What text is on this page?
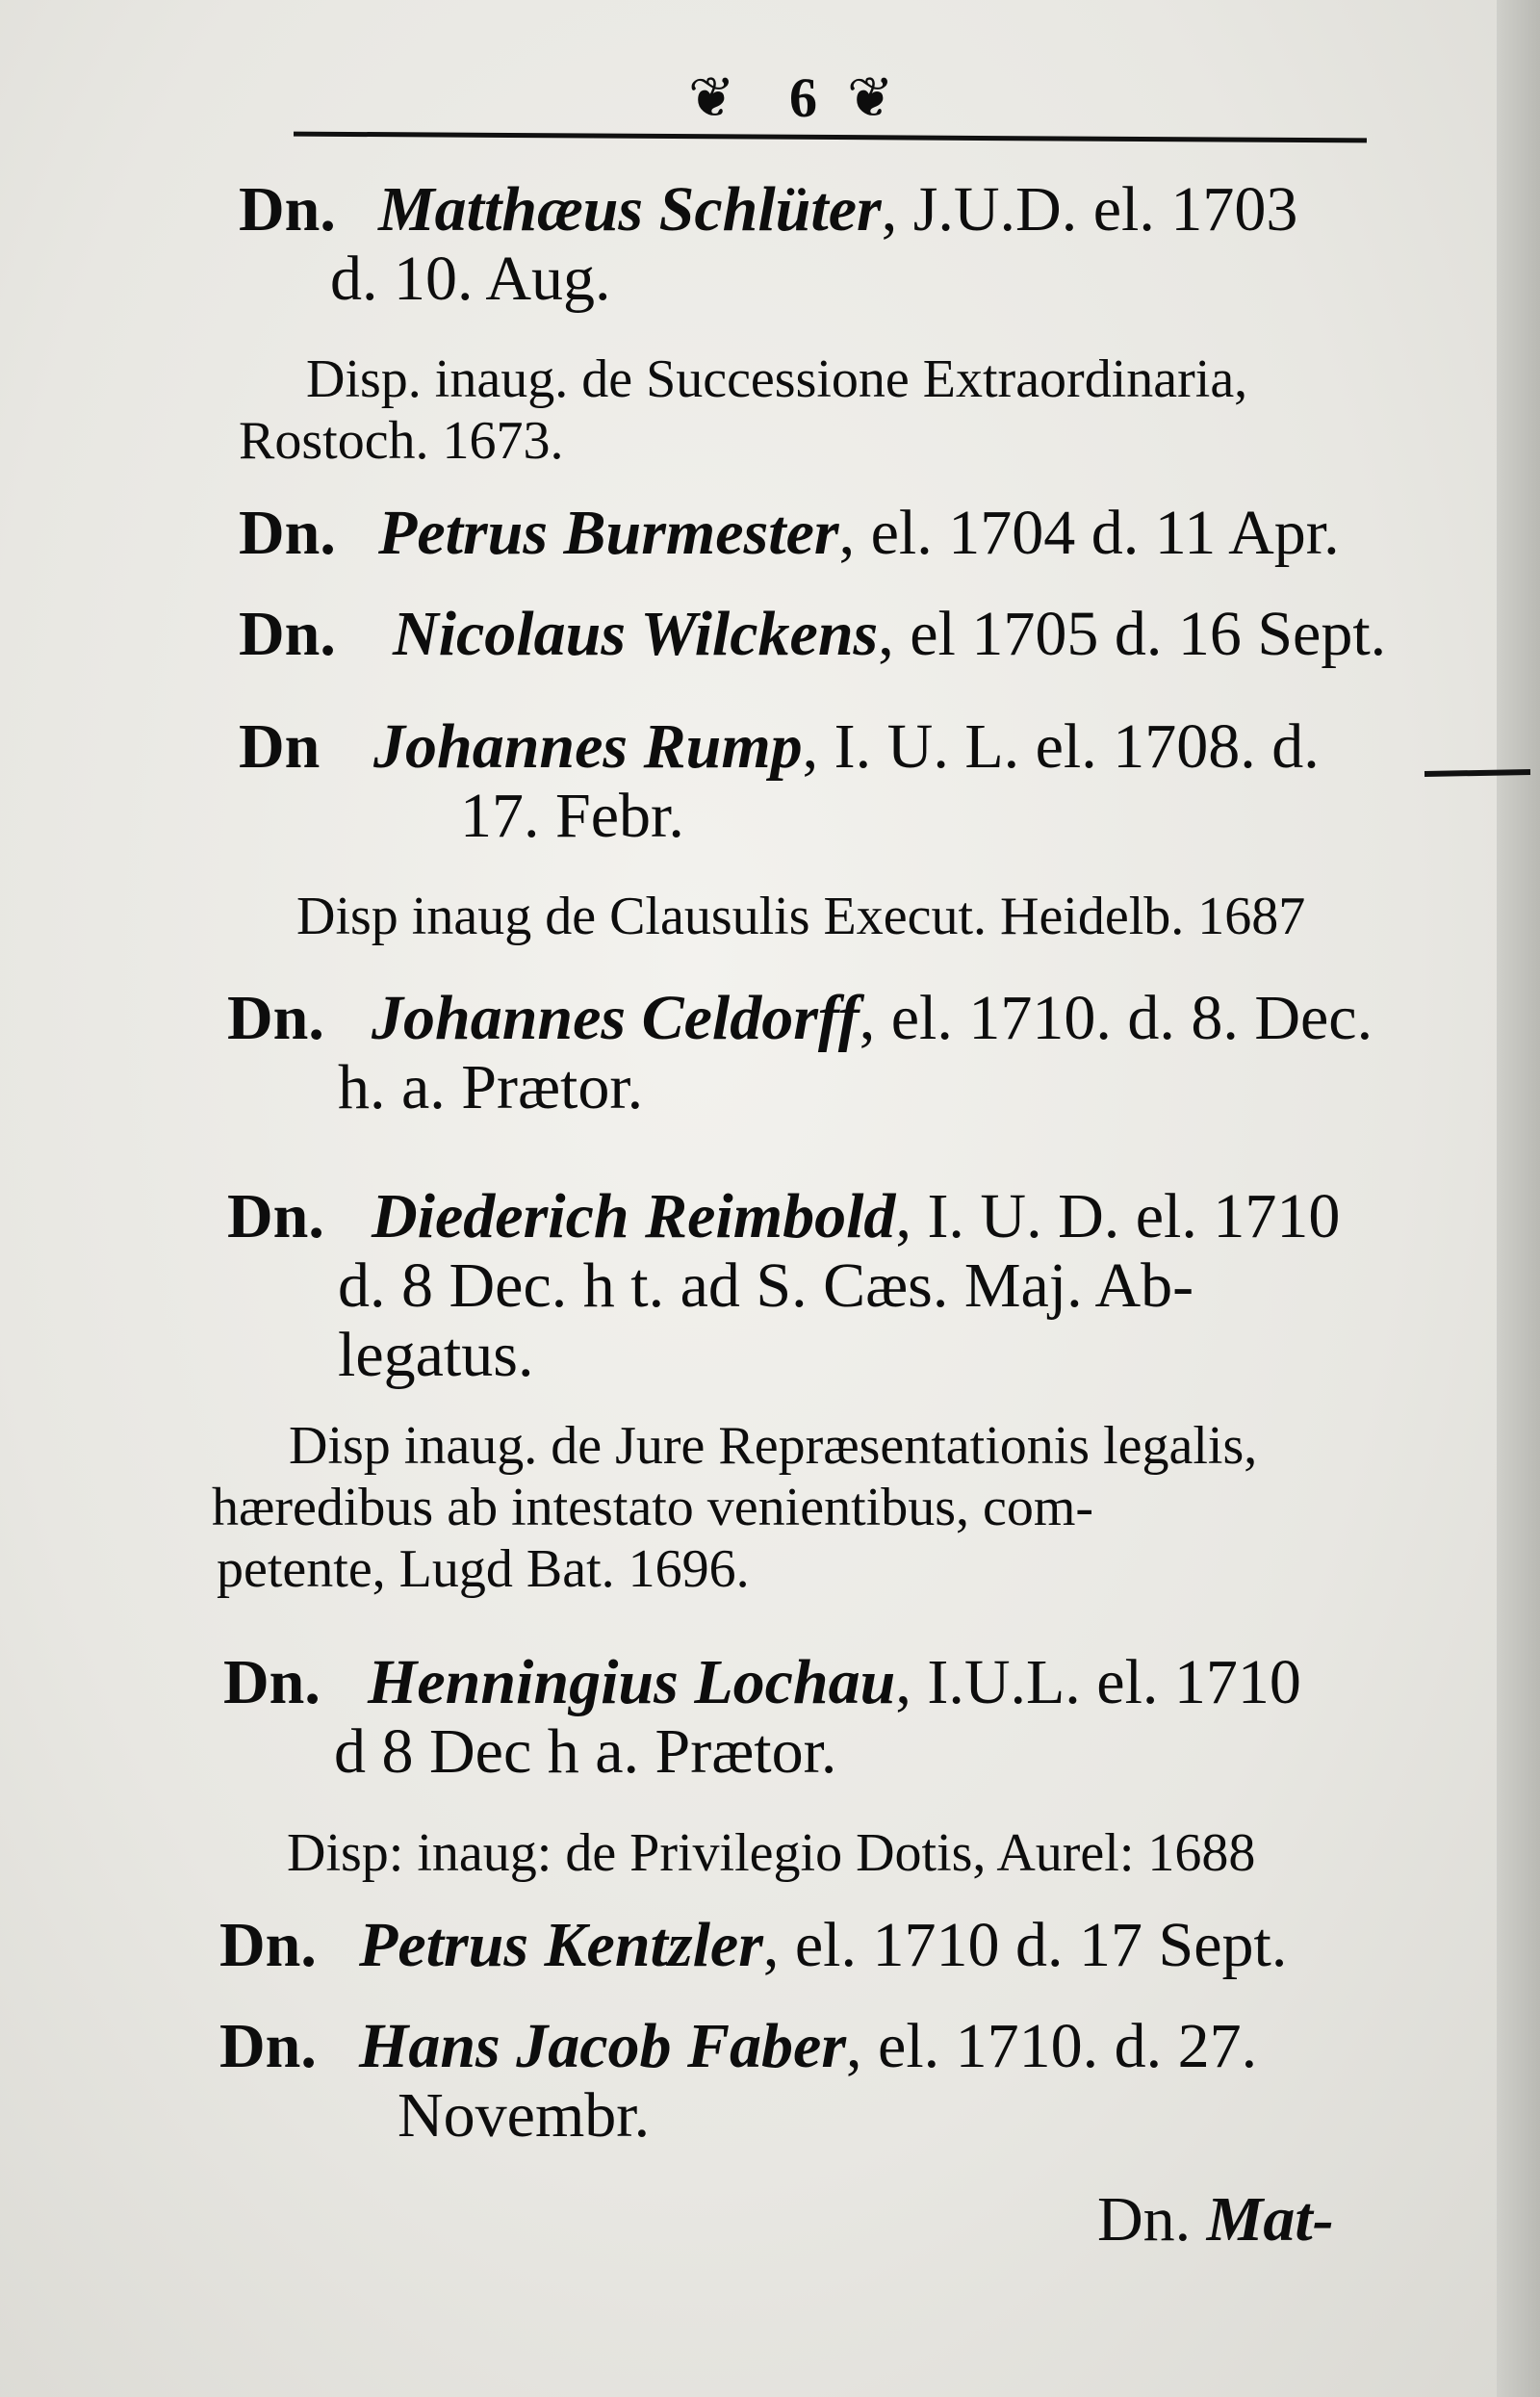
❦ 6 ❦
Dn. Matthæus Schlüter, J.U.D. el. 1703
d. 10. Aug.
Disp. inaug. de Successione Extraordinaria,
Rostoch. 1673.
Dn. Petrus Burmester, el. 1704 d. 11 Apr.
Dn. Nicolaus Wilckens, el 1705 d. 16 Sept.
Dn Johannes Rump, I. U. L. el. 1708. d.
17. Febr.
Disp inaug de Clausulis Execut. Heidelb. 1687
Dn. Johannes Celdorff, el. 1710. d. 8. Dec.
h. a. Prætor.
Dn. Diederich Reimbold, I. U. D. el. 1710
d. 8 Dec. h t. ad S. Cæs. Maj. Ab-
legatus.
Disp inaug. de Jure Repræsentationis legalis,
hæredibus ab intestato venientibus, com-
petente, Lugd Bat. 1696.
Dn. Henningius Lochau, I.U.L. el. 1710
d 8 Dec h a. Prætor.
Disp: inaug: de Privilegio Dotis, Aurel: 1688
Dn. Petrus Kentzler, el. 1710 d. 17 Sept.
Dn. Hans Jacob Faber, el. 1710. d. 27.
Novembr.
Dn. Mat-
